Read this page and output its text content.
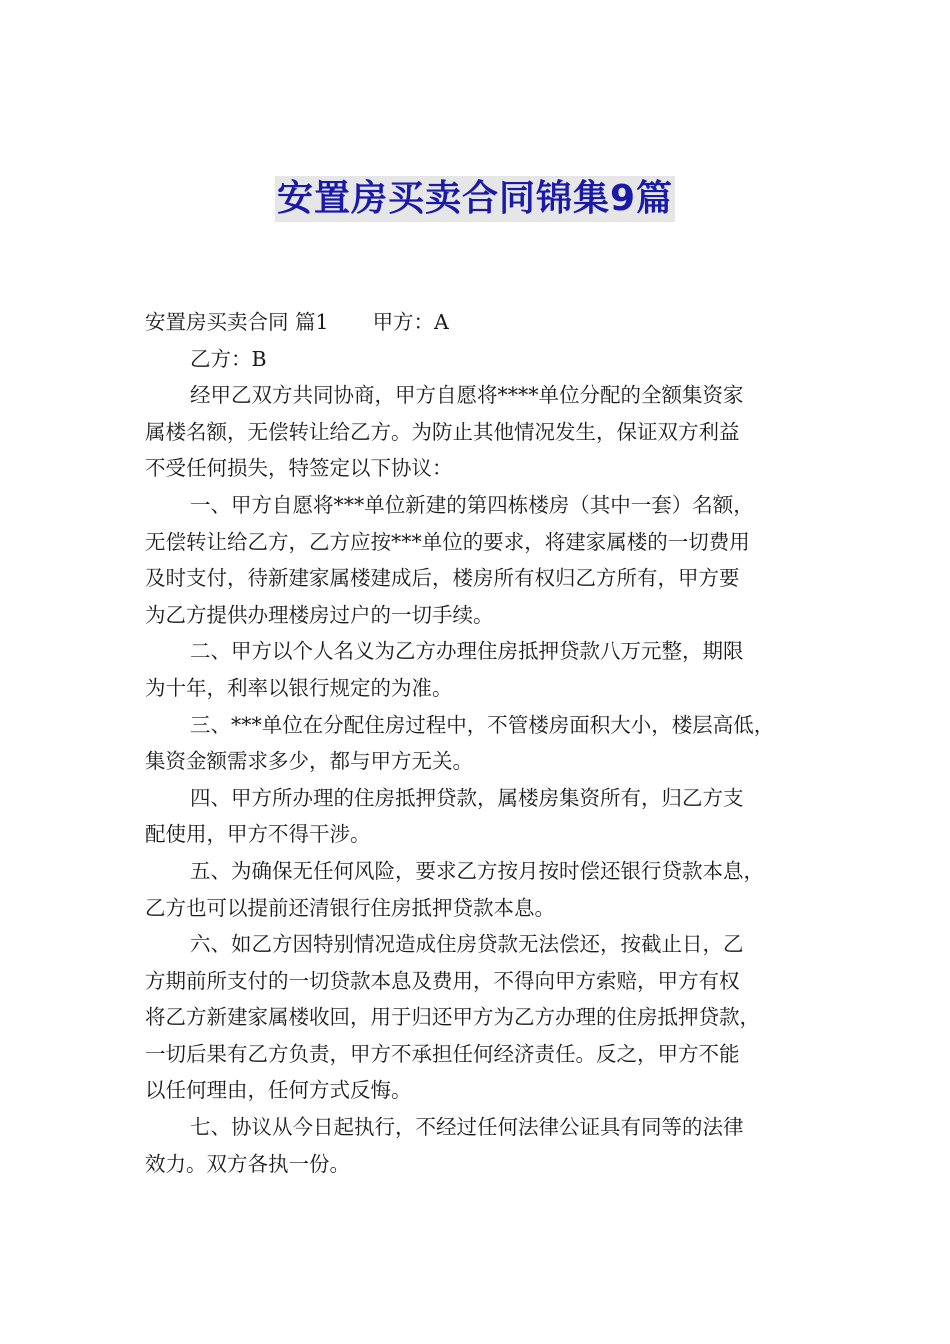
安置房买卖合同锦集9篇

安置房买卖合同 篇1 甲方：A

乙方：B

经甲乙双方共同协商，甲方自愿将****单位分配的全额集资家

属楼名额，无偿转让给乙方。为防止其他情况发生，保证双方利益

不受任何损失，特签定以下协议：

一、甲方自愿将***单位新建的第四栋楼房（其中一套）名额，

无偿转让给乙方，乙方应按***单位的要求，将建家属楼的一切费用

及时支付，待新建家属楼建成后，楼房所有权归乙方所有，甲方要

为乙方提供办理楼房过户的一切手续。

二、甲方以个人名义为乙方办理住房抵押贷款八万元整，期限

为十年，利率以银行规定的为准。

三、***单位在分配住房过程中，不管楼房面积大小，楼层高低，

集资金额需求多少，都与甲方无关。

四、甲方所办理的住房抵押贷款，属楼房集资所有，归乙方支

配使用，甲方不得干涉。

五、为确保无任何风险，要求乙方按月按时偿还银行贷款本息，

乙方也可以提前还清银行住房抵押贷款本息。

六、如乙方因特别情况造成住房贷款无法偿还，按截止日，乙

方期前所支付的一切贷款本息及费用，不得向甲方索赔，甲方有权

将乙方新建家属楼收回，用于归还甲方为乙方办理的住房抵押贷款，

一切后果有乙方负责，甲方不承担任何经济责任。反之，甲方不能

以任何理由，任何方式反悔。

七、协议从今日起执行，不经过任何法律公证具有同等的法律

效力。双方各执一份。
